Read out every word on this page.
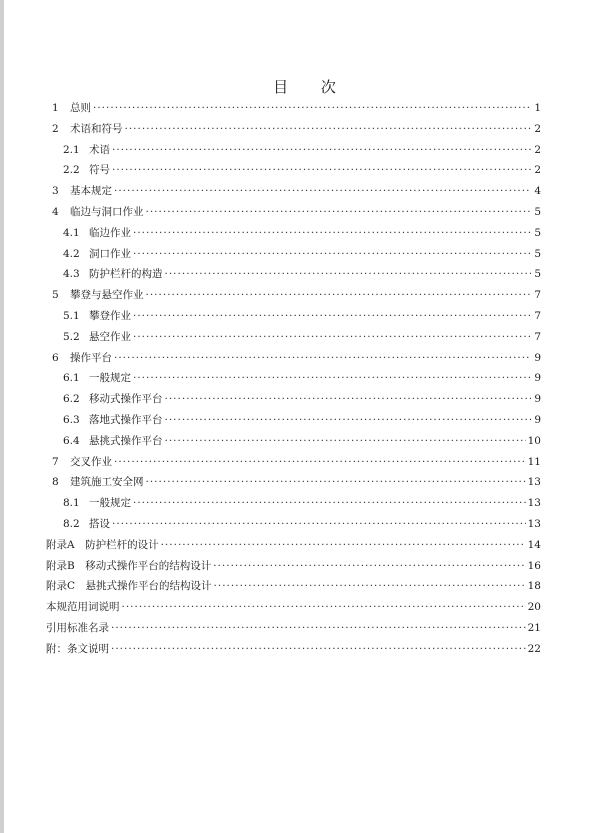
目 次
1	总则 ·····	1
2	术语和符号 ·····	2
2.1 术语 ·····	2
2.2 符号 ·····	2
3	基本规定 ·····	4
4	临边与洞口作业 ·····	5
4.1 临边作业 ·····	5
4.2 洞口作业 ·····	5
4.3 防护栏杆的构造 ·····	5
5	攀登与悬空作业 ·····	7
5.1 攀登作业 ·····	7
5.2 悬空作业 ·····	7
6	操作平台 ·····	9
6.1 一般规定 ·····	9
6.2 移动式操作平台 ·····	9
6.3 落地式操作平台 ·····	9
6.4 悬挑式操作平台 ·····	10
7	交叉作业 ·····	11
8	建筑施工安全网 ·····	13
8.1 一般规定 ·····	13
8.2 搭设 ·····	13
附录A　防护栏杆的设计 ·····	14
附录B　移动式操作平台的结构设计 ·····	16
附录C　悬挑式操作平台的结构设计 ·····	18
本规范用词说明 ·····	20
引用标准名录 ·····	21
附：条文说明 ·····	22
